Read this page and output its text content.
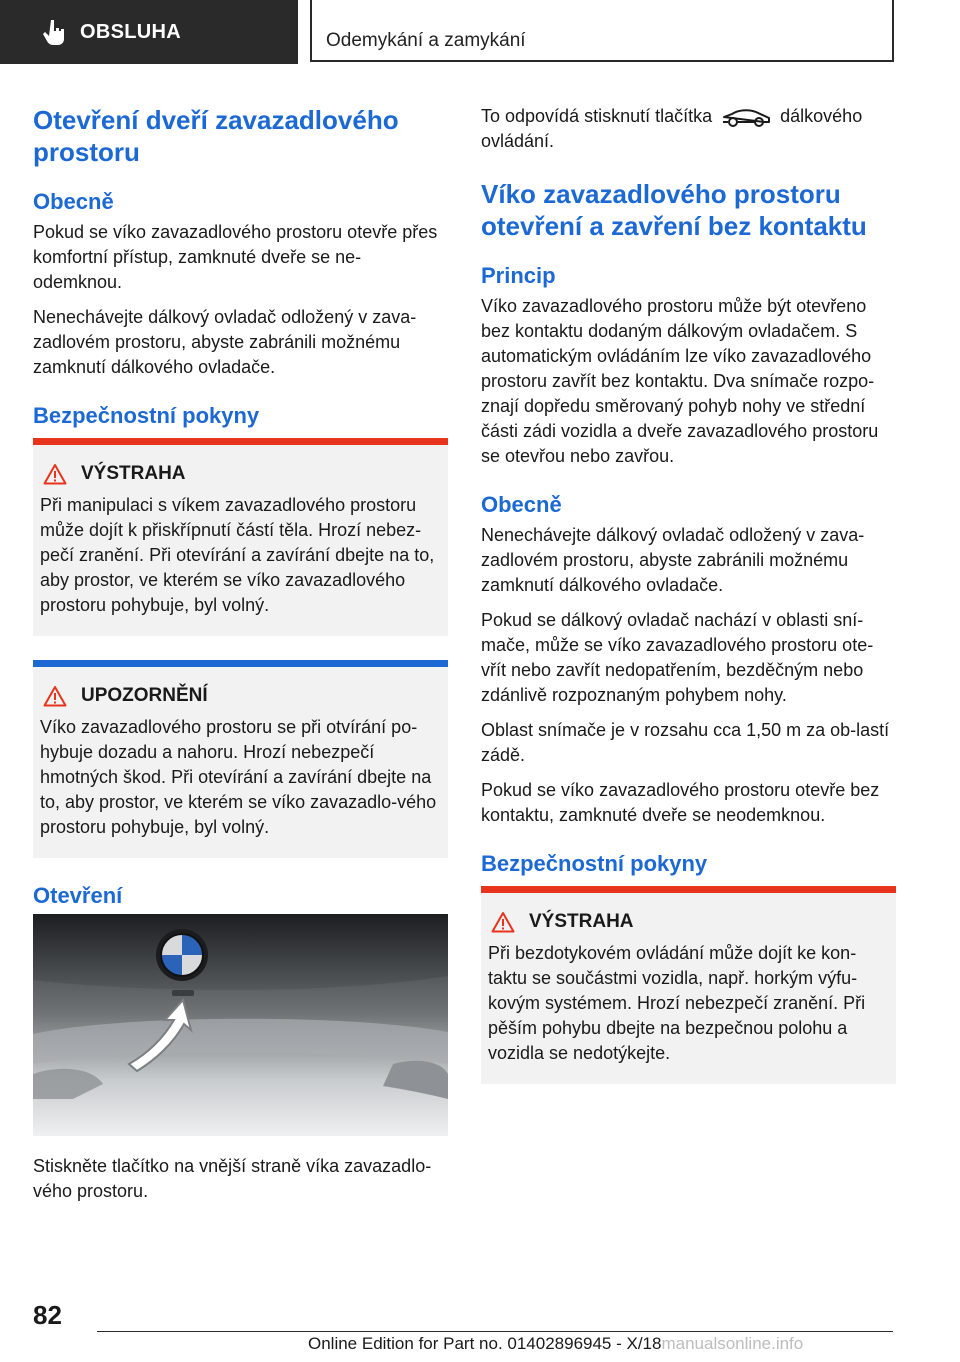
OBSLUHA	Odemykání a zamykání
Otevření dveří zavazadlového prostoru
Obecně

Pokud se víko zavazadlového prostoru otevře přes komfortní přístup, zamknuté dveře se ne-odemknou.

Nenechávejte dálkový ovladač odložený v zava-zadlovém prostoru, abyste zabránili možnému zamknutí dálkového ovladače.

Bezpečnostní pokyny
VÝSTRAHA

Při manipulaci s víkem zavazadlového prostoru může dojít k přiskřípnutí částí těla. Hrozí nebez-pečí zranění. Při otevírání a zavírání dbejte na to, aby prostor, ve kterém se víko zavazadlového prostoru pohybuje, byl volný.

UPOZORNĚNÍ

Víko zavazadlového prostoru se při otvírání po-hybuje dozadu a nahoru. Hrozí nebezpečí hmotných škod. Při otevírání a zavírání dbejte na to, aby prostor, ve kterém se víko zavazadlo-vého prostoru pohybuje, byl volný.

Otevření

Stiskněte tlačítko na vnější straně víka zavazadlo-vého prostoru.

To odpovídá stisknutí tlačítka	dálkového ovládání.

Víko zavazadlového prostoru otevření a zavření bez kontaktu
Princip

Víko zavazadlového prostoru může být otevřeno bez kontaktu dodaným dálkovým ovladačem. S automatickým ovládáním lze víko zavazadlového prostoru zavřít bez kontaktu. Dva snímače rozpo-znají dopředu směrovaný pohyb nohy ve střední části zádi vozidla a dveře zavazadlového prostoru se otevřou nebo zavřou.

Obecně

Nenechávejte dálkový ovladač odložený v zava-zadlovém prostoru, abyste zabránili možnému zamknutí dálkového ovladače.

Pokud se dálkový ovladač nachází v oblasti sní-mače, může se víko zavazadlového prostoru ote-vřít nebo zavřít nedopatřením, bezděčným nebo zdánlivě rozpoznaným pohybem nohy.

Oblast snímače je v rozsahu cca 1,50 m za ob-lastí zádě.

Pokud se víko zavazadlového prostoru otevře bez kontaktu, zamknuté dveře se neodemknou.

Bezpečnostní pokyny
VÝSTRAHA

Při bezdotykovém ovládání může dojít ke kon-taktu se součástmi vozidla, např. horkým výfu-kovým systémem. Hrozí nebezpečí zranění. Při pěším pohybu dbejte na bezpečnou polohu a vozidla se nedotýkejte.

82
Online Edition for Part no. 01402896945 - X/18manualsonline.info
